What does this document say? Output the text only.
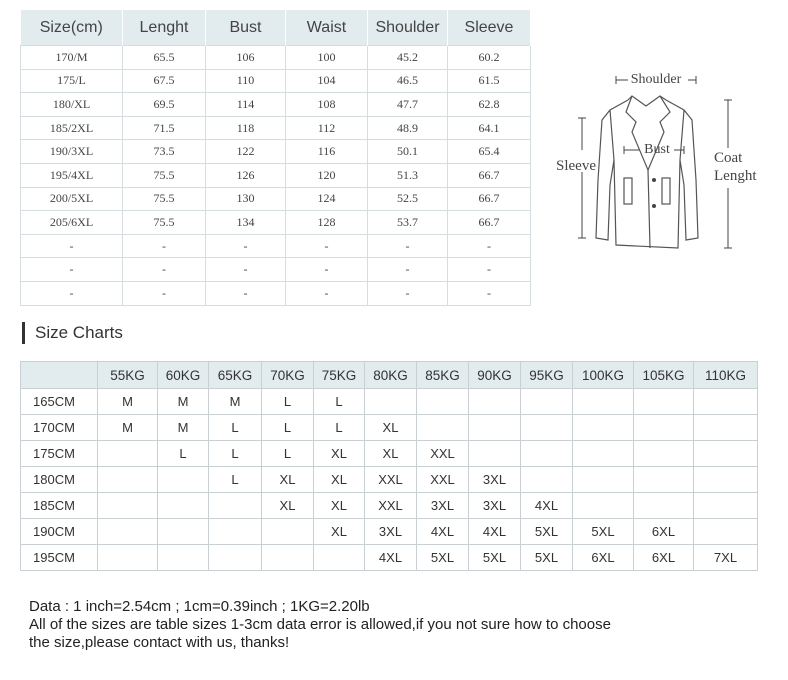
Size(cm)	Lenght	Bust	Waist	Shoulder	Sleeve
170/M	65.5	106	100	45.2	60.2
175/L	67.5	110	104	46.5	61.5
180/XL	69.5	114	108	47.7	62.8
185/2XL	71.5	118	112	48.9	64.1
190/3XL	73.5	122	116	50.1	65.4
195/4XL	75.5	126	120	51.3	66.7
200/5XL	75.5	130	124	52.5	66.7
205/6XL	75.5	134	128	53.7	66.7
-	-	-	-	-	-
-	-	-	-	-	-
-	-	-	-	-	-
Shoulder
Bust
Sleeve	Coat
Lenght
Size Charts
	55KG	60KG	65KG	70KG	75KG	80KG	85KG	90KG	95KG	100KG	105KG	110KG
165CM	M	M	M	L	L							
170CM	M	M	L	L	L	XL						
175CM		L	L	L	XL	XL	XXL					
180CM			L	XL	XL	XXL	XXL	3XL				
185CM				XL	XL	XXL	3XL	3XL	4XL			
190CM					XL	3XL	4XL	4XL	5XL	5XL	6XL	
195CM						4XL	5XL	5XL	5XL	6XL	6XL	7XL
Data : 1 inch=2.54cm ; 1cm=0.39inch ; 1KG=2.20lb
All of the sizes are table sizes 1-3cm data error is allowed,if you not sure how to choose
the size,please contact with us, thanks!
